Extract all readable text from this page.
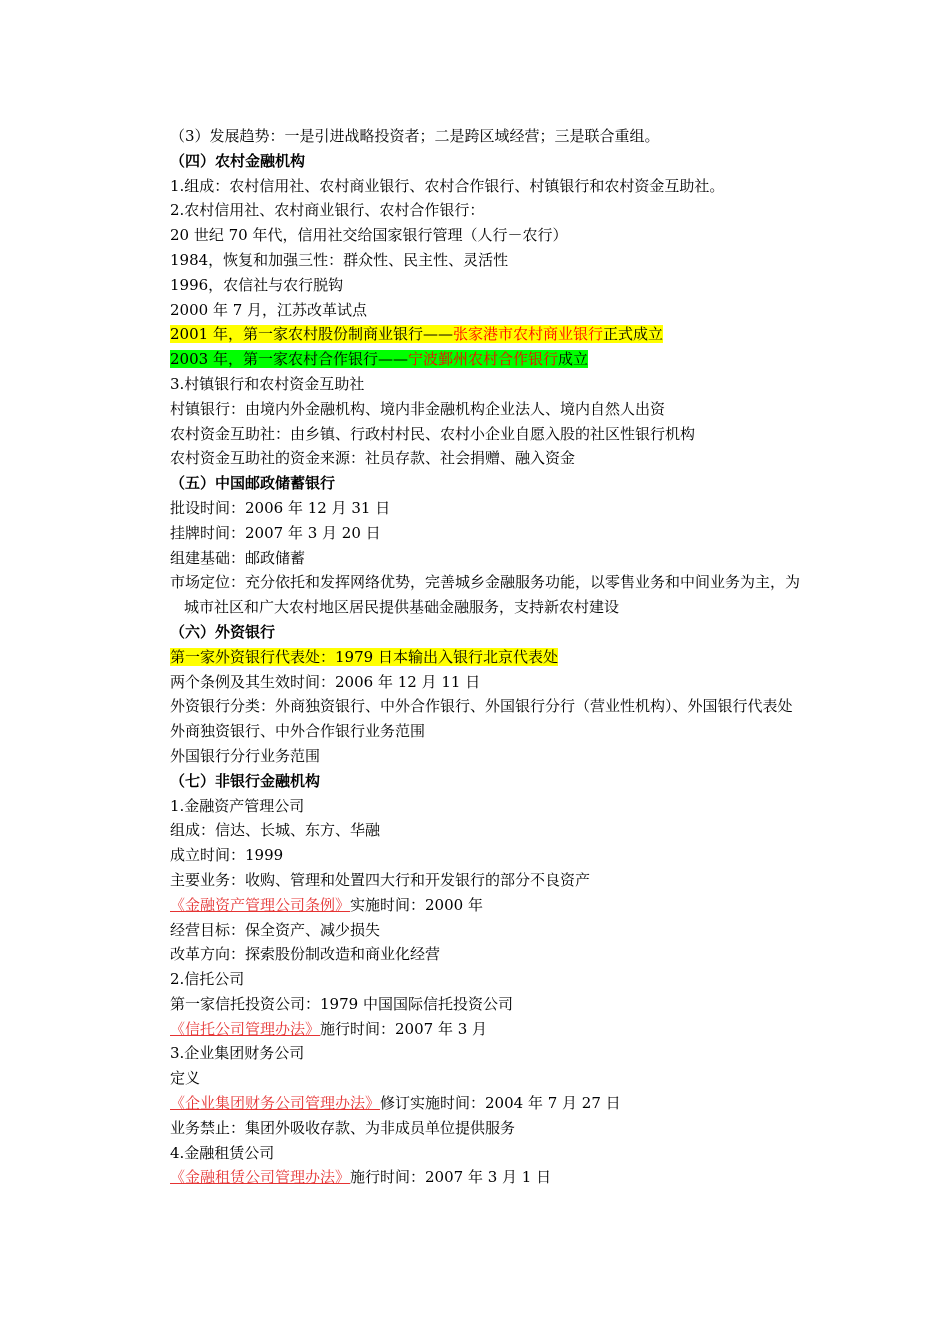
（3）发展趋势：一是引进战略投资者；二是跨区域经营；三是联合重组。
（四）农村金融机构
1.组成：农村信用社、农村商业银行、农村合作银行、村镇银行和农村资金互助社。
2.农村信用社、农村商业银行、农村合作银行：
20 世纪 70 年代，信用社交给国家银行管理（人行－农行）
1984，恢复和加强三性：群众性、民主性、灵活性
1996，农信社与农行脱钩
2000 年 7 月，江苏改革试点
2001 年，第一家农村股份制商业银行——张家港市农村商业银行正式成立
2003 年，第一家农村合作银行——宁波鄞州农村合作银行成立
3.村镇银行和农村资金互助社
村镇银行：由境内外金融机构、境内非金融机构企业法人、境内自然人出资
农村资金互助社：由乡镇、行政村村民、农村小企业自愿入股的社区性银行机构
农村资金互助社的资金来源：社员存款、社会捐赠、融入资金
（五）中国邮政储蓄银行
批设时间：2006 年 12 月 31 日
挂牌时间：2007 年 3 月 20 日
组建基础：邮政储蓄
市场定位：充分依托和发挥网络优势，完善城乡金融服务功能，以零售业务和中间业务为主，为城市社区和广大农村地区居民提供基础金融服务，支持新农村建设
（六）外资银行
第一家外资银行代表处：1979 日本输出入银行北京代表处
两个条例及其生效时间：2006 年 12 月 11 日
外资银行分类：外商独资银行、中外合作银行、外国银行分行（营业性机构）、外国银行代表处
外商独资银行、中外合作银行业务范围
外国银行分行业务范围
（七）非银行金融机构
1.金融资产管理公司
组成：信达、长城、东方、华融
成立时间：1999
主要业务：收购、管理和处置四大行和开发银行的部分不良资产
《金融资产管理公司条例》实施时间：2000 年
经营目标：保全资产、减少损失
改革方向：探索股份制改造和商业化经营
2.信托公司
第一家信托投资公司：1979 中国国际信托投资公司
《信托公司管理办法》施行时间：2007 年 3 月
3.企业集团财务公司
定义
《企业集团财务公司管理办法》修订实施时间：2004 年 7 月 27 日
业务禁止：集团外吸收存款、为非成员单位提供服务
4.金融租赁公司
《金融租赁公司管理办法》施行时间：2007 年 3 月 1 日
